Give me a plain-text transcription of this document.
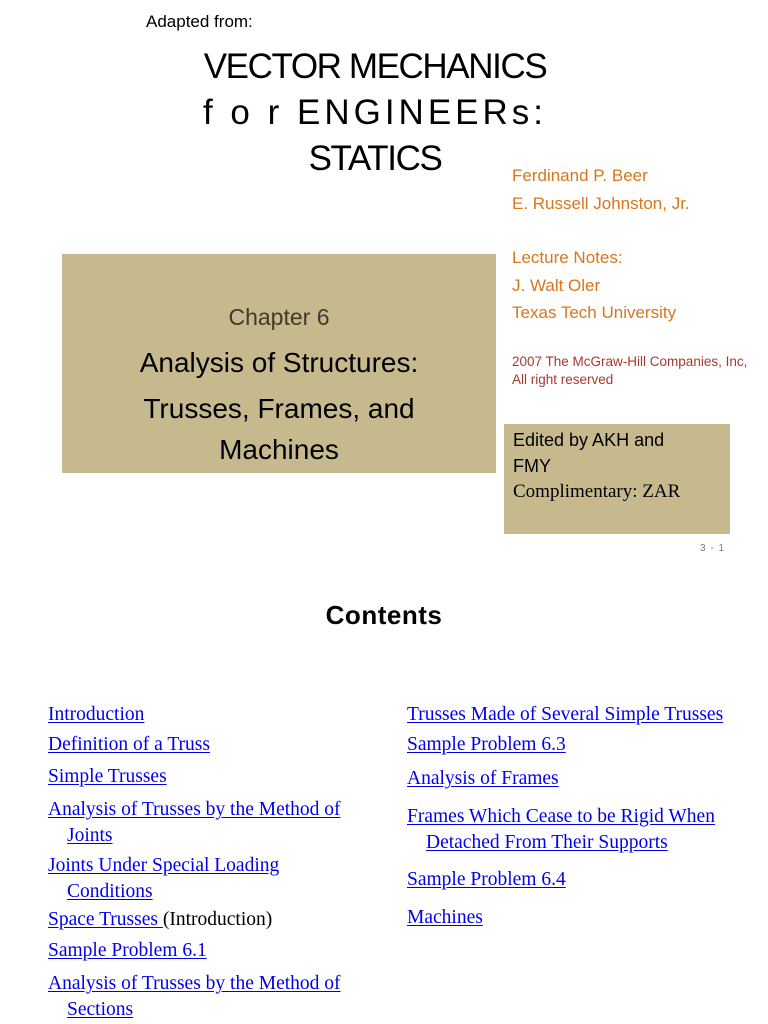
Adapted from:
VECTOR MECHANICS
f o r ENGINEERs:
STATICS	Ferdinand P. Beer
E. Russell Johnston, Jr.
Lecture Notes:
J. Walt Oler
Texas Tech University
2007 The McGraw-Hill Companies, Inc, All right reserved
Chapter 6
Analysis of Structures:
Trusses, Frames, and
Machines	Edited by AKH and
FMY
Complimentary: ZAR
3 - 1
Contents
Introduction
Definition of a Truss
Simple Trusses
Analysis of Trusses by the Method of
Joints
Joints Under Special Loading
Conditions
Space Trusses (Introduction)
Sample Problem 6.1
Analysis of Trusses by the Method of
Sections
Trusses Made of Several Simple Trusses
Sample Problem 6.3
Analysis of Frames
Frames Which Cease to be Rigid When
Detached From Their Supports
Sample Problem 6.4
Machines
